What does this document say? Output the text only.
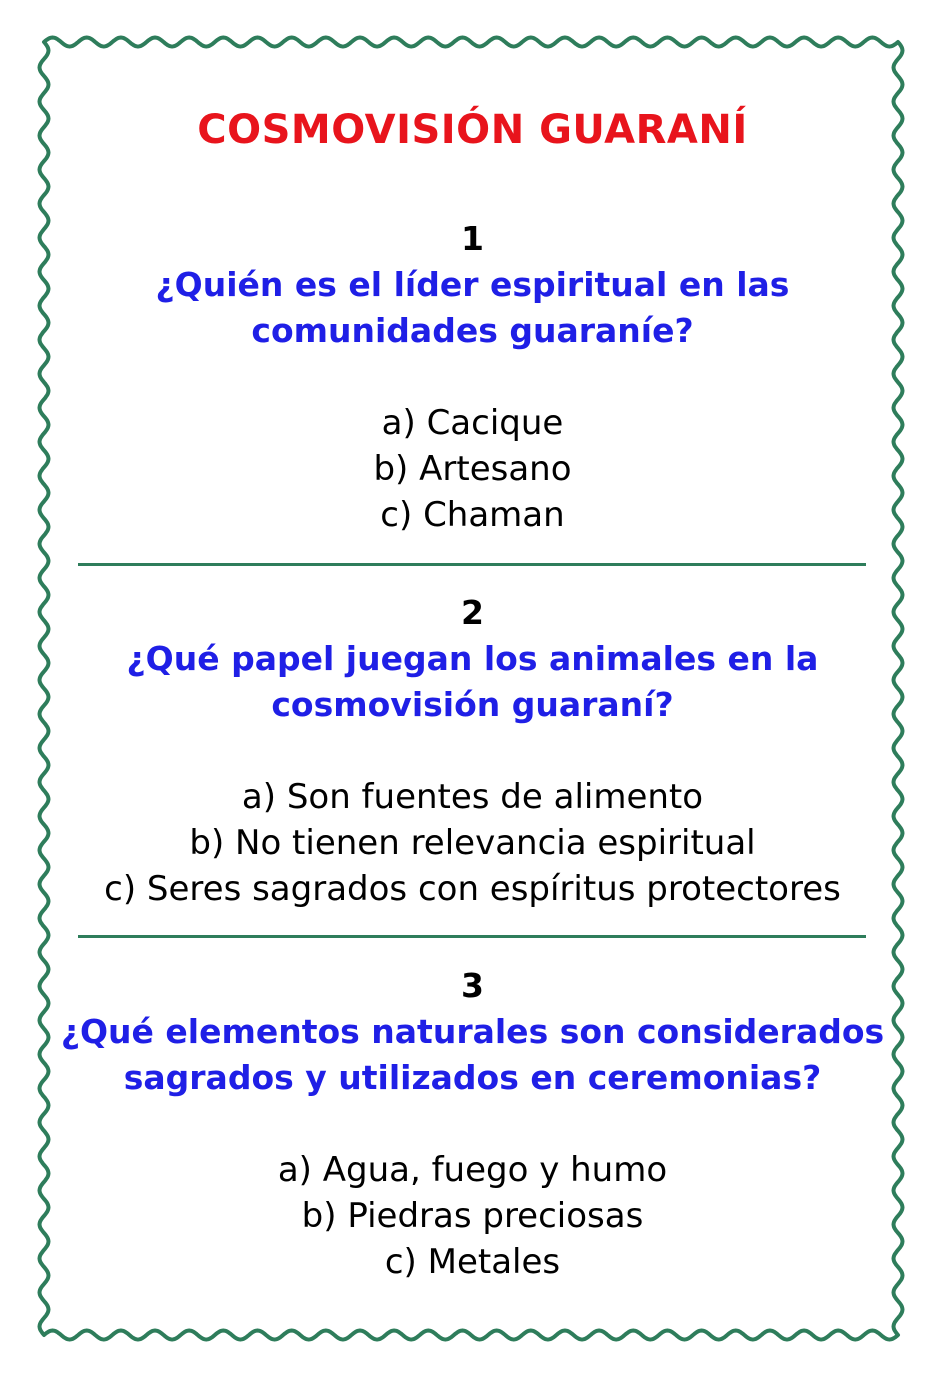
COSMOVISIÓN GUARANÍ
1
¿Quién es el líder espiritual en las comunidades guaraníe?
a) Cacique
b) Artesano
c) Chaman
2
¿Qué papel juegan los animales en la cosmovisión guaraní?
a) Son fuentes de alimento
b) No tienen relevancia espiritual
c) Seres sagrados con espíritus protectores
3
¿Qué elementos naturales son considerados sagrados y utilizados en ceremonias?
a) Agua, fuego y humo
b) Piedras preciosas
c) Metales
